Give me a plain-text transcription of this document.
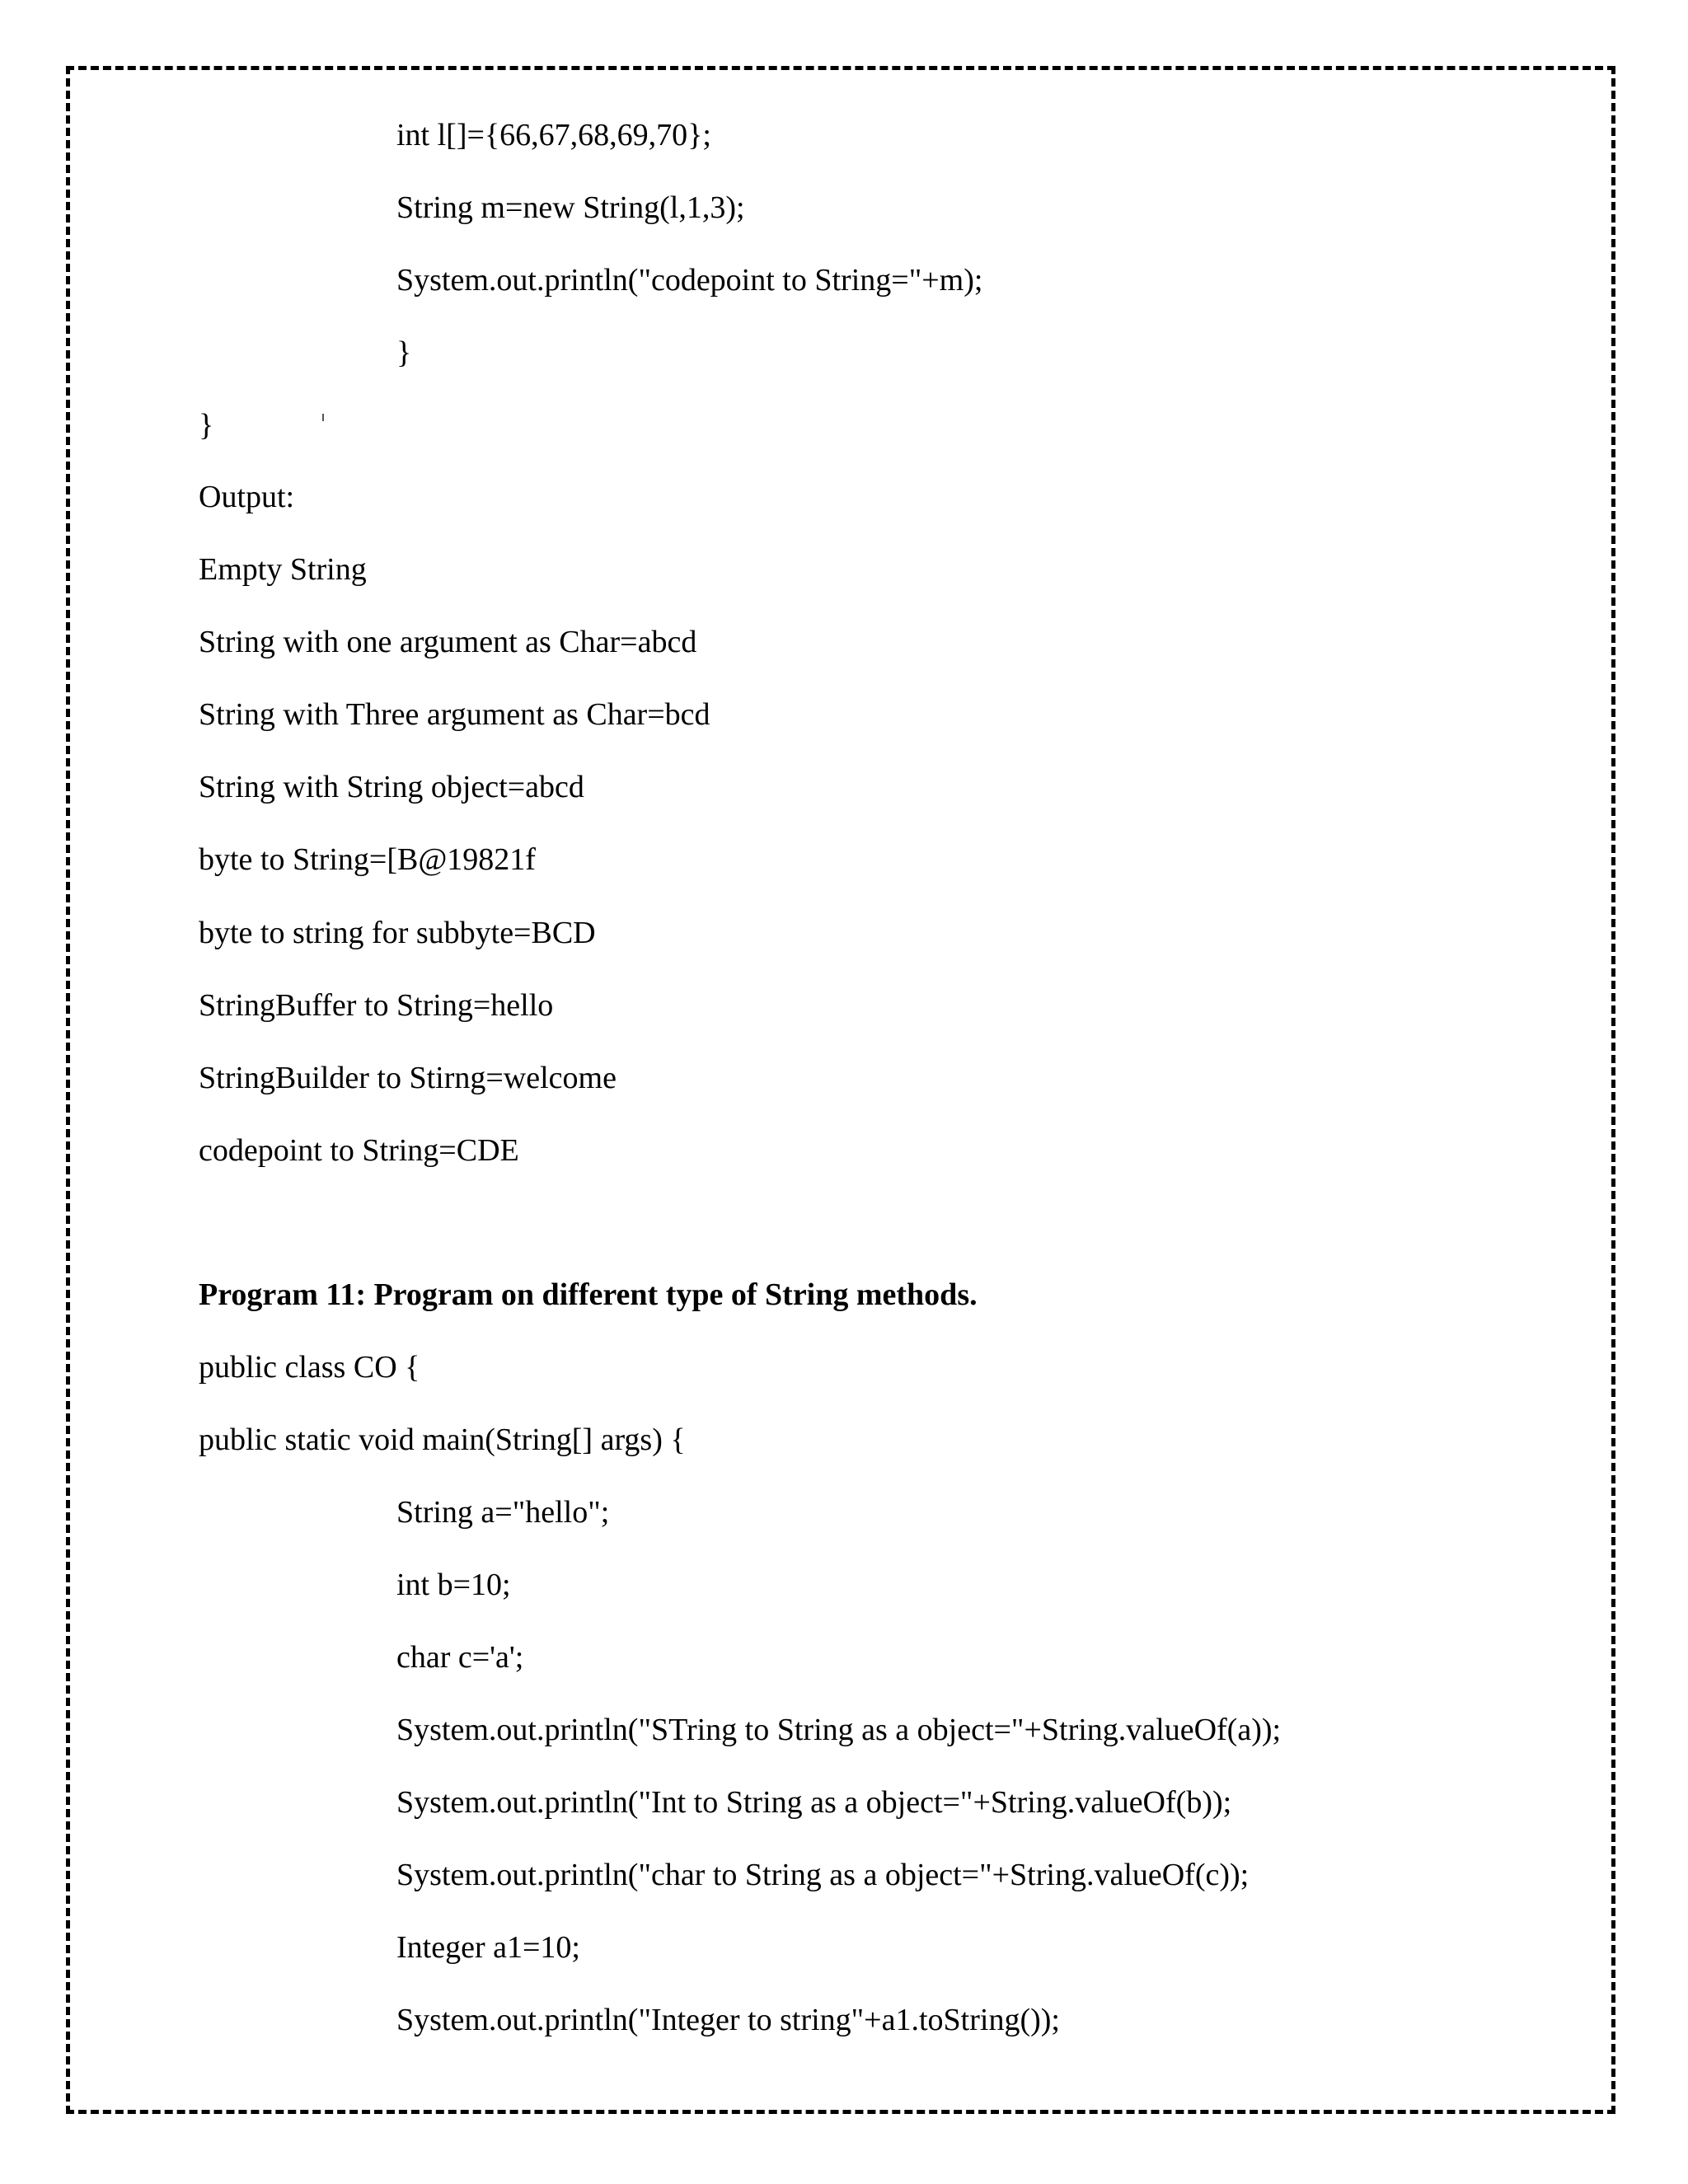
int l[]={66,67,68,69,70};
String m=new String(l,1,3);
System.out.println("codepoint to String="+m);
}
}
Output:
Empty String
String with one argument as Char=abcd
String with Three argument as Char=bcd
String with String object=abcd
byte to String=[B@19821f
byte to string for subbyte=BCD
StringBuffer to String=hello
StringBuilder to Stirng=welcome
codepoint to String=CDE
Program 11: Program on different type of String methods.
public class CO {
public static void main(String[] args) {
String a="hello";
int b=10;
char c='a';
System.out.println("STring to String as a object="+String.valueOf(a));
System.out.println("Int to String as a object="+String.valueOf(b));
System.out.println("char to String as a object="+String.valueOf(c));
Integer a1=10;
System.out.println("Integer to string"+a1.toString());
